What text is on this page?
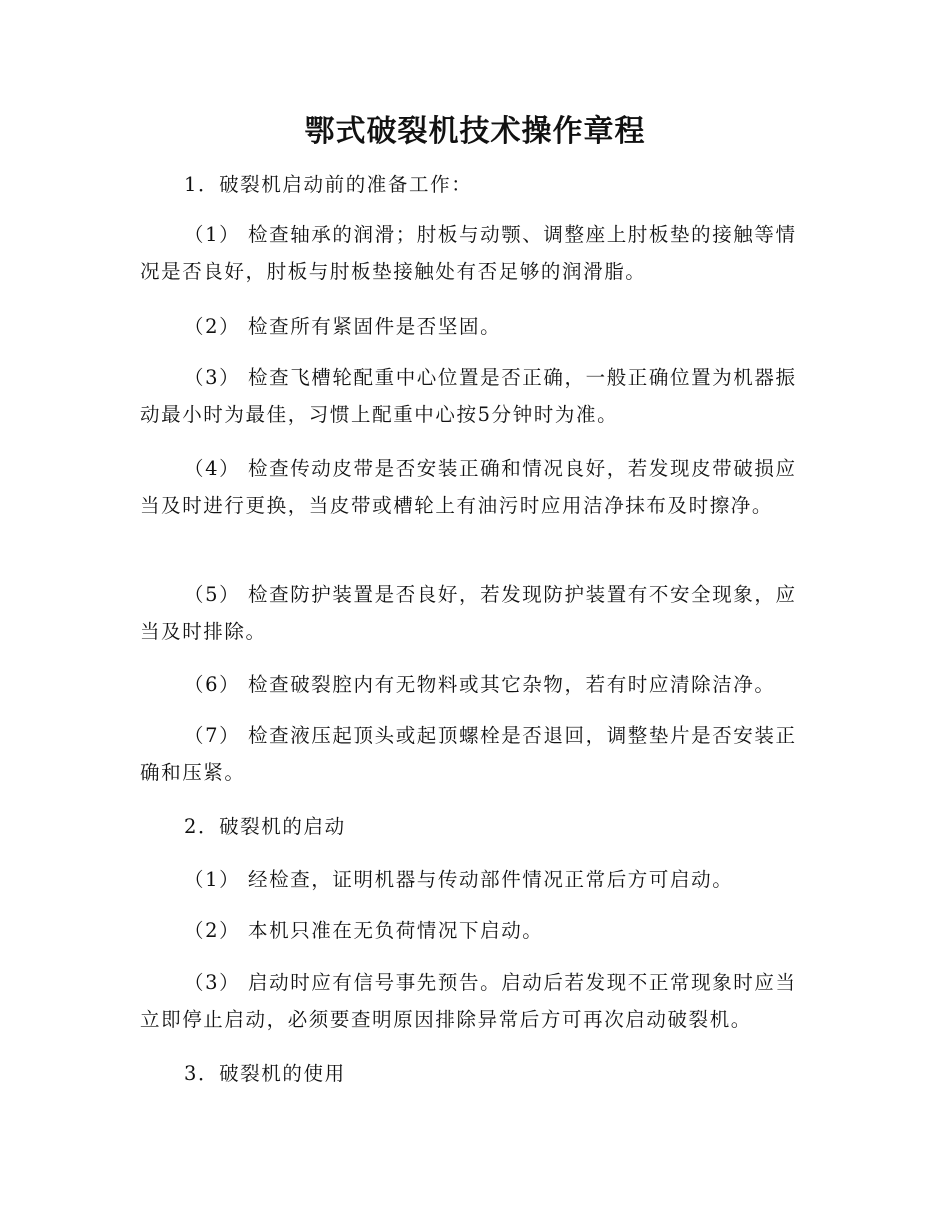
鄂式破裂机技术操作章程

1．破裂机启动前的准备工作：

（1） 检查轴承的润滑；肘板与动颚、调整座上肘板垫的接触等情况是否良好，肘板与肘板垫接触处有否足够的润滑脂。

（2） 检查所有紧固件是否坚固。

（3） 检查飞槽轮配重中心位置是否正确，一般正确位置为机器振动最小时为最佳，习惯上配重中心按5分钟时为准。

（4） 检查传动皮带是否安装正确和情况良好，若发现皮带破损应当及时进行更换，当皮带或槽轮上有油污时应用洁净抹布及时擦净。

（5） 检查防护装置是否良好，若发现防护装置有不安全现象，应当及时排除。

（6） 检查破裂腔内有无物料或其它杂物，若有时应清除洁净。

（7） 检查液压起顶头或起顶螺栓是否退回，调整垫片是否安装正确和压紧。

2．破裂机的启动

（1） 经检查，证明机器与传动部件情况正常后方可启动。

（2） 本机只准在无负荷情况下启动。

（3） 启动时应有信号事先预告。启动后若发现不正常现象时应当立即停止启动，必须要查明原因排除异常后方可再次启动破裂机。

3．破裂机的使用
